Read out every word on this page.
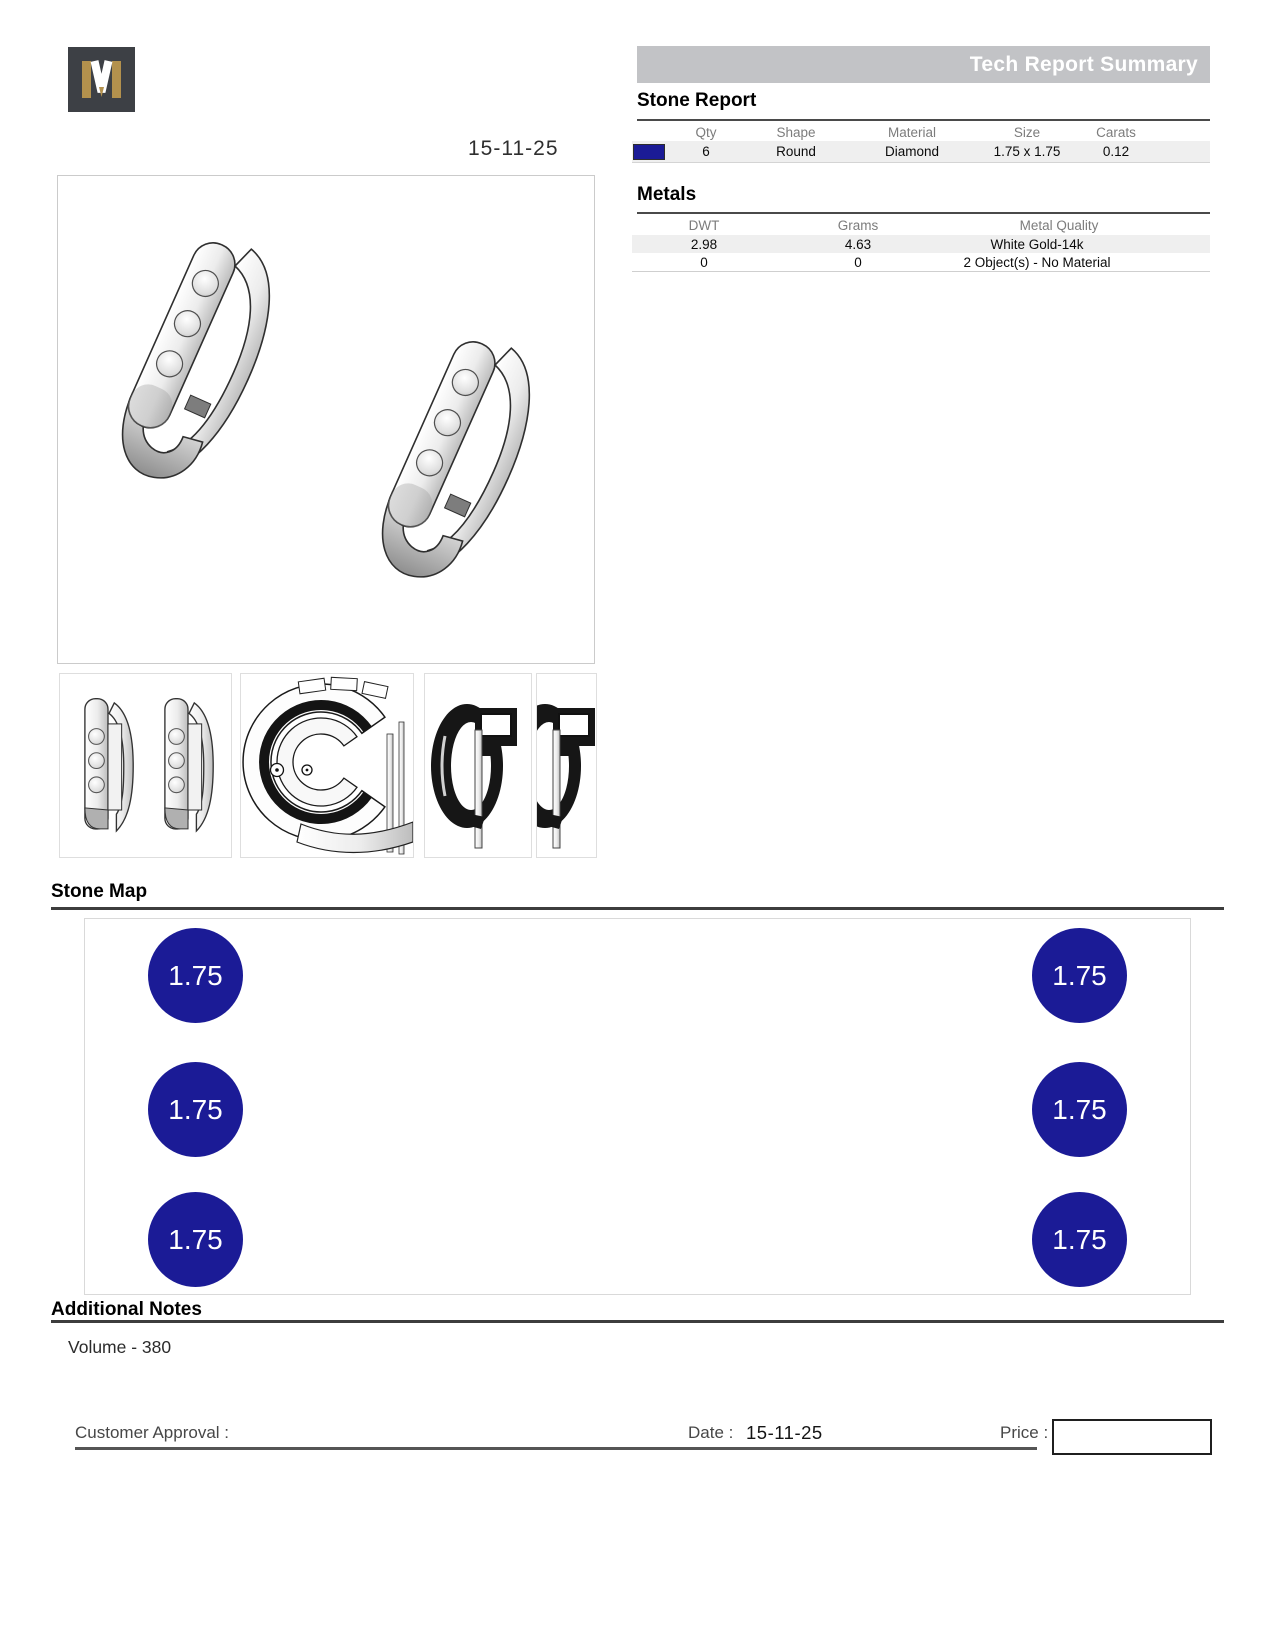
15-11-25
Tech Report Summary
Stone Report
Qty	Shape	Material	Size	Carats
6	Round	Diamond	1.75 x 1.75	0.12
Metals
DWT	Grams	Metal Quality
2.98	4.63	White Gold-14k
0	0	2 Object(s) - No Material
Stone Map
1.75	1.75
1.75	1.75
1.75	1.75
Additional Notes
Volume - 380
Customer Approval :	Date : 15-11-25	Price :
